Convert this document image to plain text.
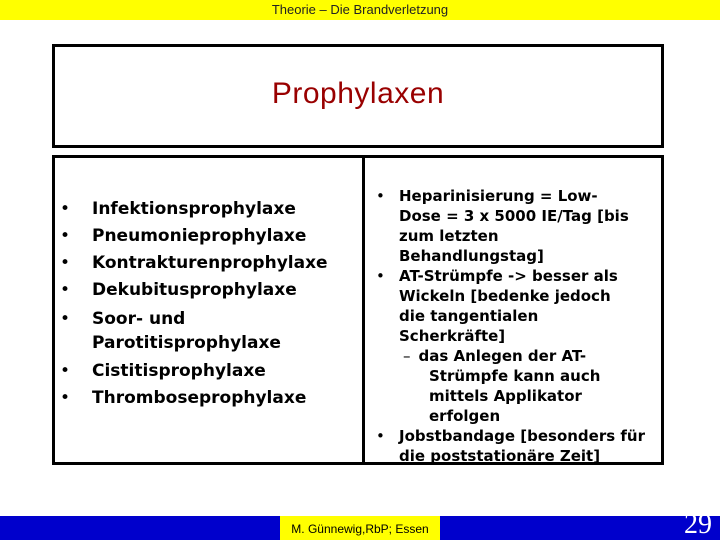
Theorie – Die Brandverletzung
Prophylaxen
• Infektionsprophylaxe
• Pneumonieprophylaxe
• Kontrakturenprophylaxe
• Dekubitusprophylaxe
• Soor- und Parotitisprophylaxe
• Cistitisprophylaxe
• Thromboseprophylaxe
• Heparinisierung = Low-Dose = 3 x 5000 IE/Tag [bis zum letzten Behandlungstag]
• AT-Strümpfe -> besser als Wickeln [bedenke jedoch die tangentialen Scherkräfte]
– das Anlegen der AT-Strümpfe kann auch mittels Applikator erfolgen
• Jobstbandage [besonders für die poststationäre Zeit]
M. Günnewig,RbP; Essen	29
